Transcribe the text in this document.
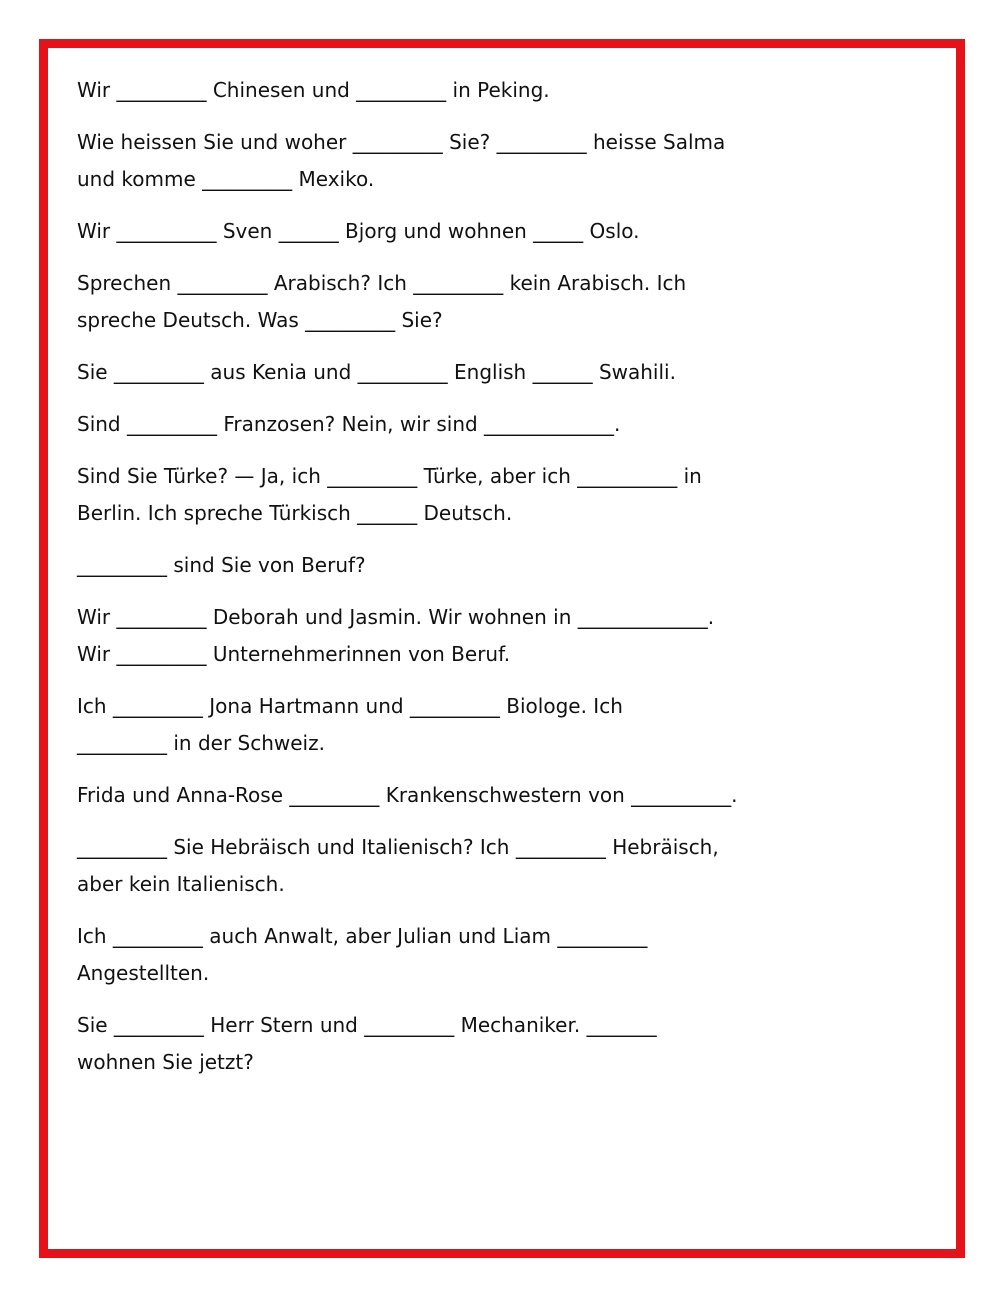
Wir _________ Chinesen und _________ in Peking.

Wie heissen Sie und woher _________ Sie? _________ heisse Salma
und komme _________ Mexiko.

Wir __________ Sven ______ Bjorg und wohnen _____ Oslo.

Sprechen _________ Arabisch? Ich _________ kein Arabisch. Ich
spreche Deutsch. Was _________ Sie?

Sie _________ aus Kenia und _________ English ______ Swahili.

Sind _________ Franzosen? Nein, wir sind _____________.

Sind Sie Türke? — Ja, ich _________ Türke, aber ich __________ in
Berlin. Ich spreche Türkisch ______ Deutsch.

_________ sind Sie von Beruf?

Wir _________ Deborah und Jasmin. Wir wohnen in _____________.
Wir _________ Unternehmerinnen von Beruf.

Ich _________ Jona Hartmann und _________ Biologe. Ich
_________ in der Schweiz.

Frida und Anna-Rose _________ Krankenschwestern von __________.

_________ Sie Hebräisch und Italienisch? Ich _________ Hebräisch,
aber kein Italienisch.

Ich _________ auch Anwalt, aber Julian und Liam _________
Angestellten.

Sie _________ Herr Stern und _________ Mechaniker. _______
wohnen Sie jetzt?
